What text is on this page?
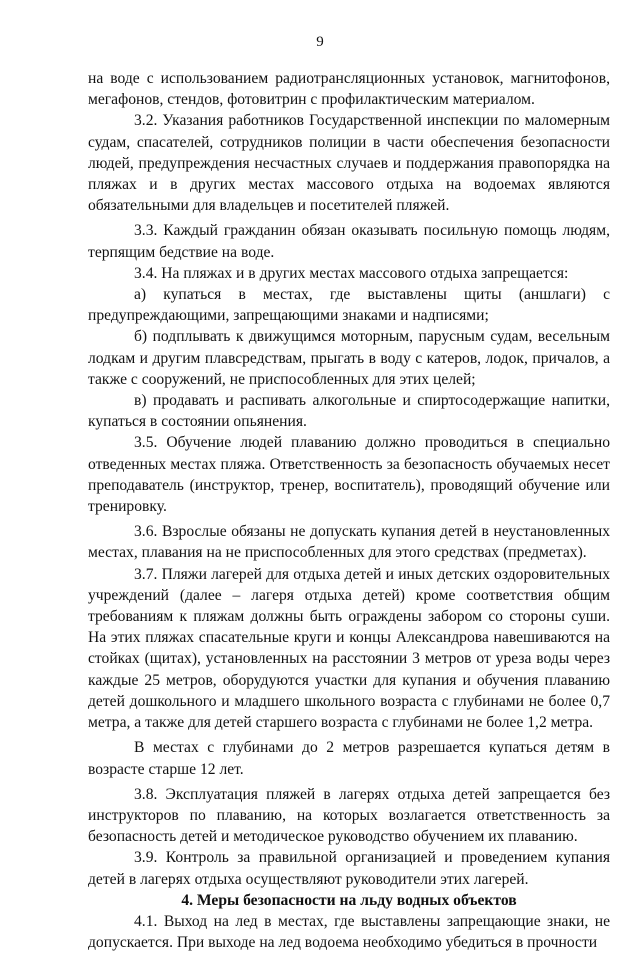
9

на воде с использованием радиотрансляционных установок, магнитофонов, мегафонов, стендов, фотовитрин с профилактическим материалом.

3.2. Указания работников Государственной инспекции по маломерным судам, спасателей, сотрудников полиции в части обеспечения безопасности людей, предупреждения несчастных случаев и поддержания правопорядка на пляжах и в других местах массового отдыха на водоемах являются обязательными для владельцев и посетителей пляжей.

3.3. Каждый гражданин обязан оказывать посильную помощь людям, терпящим бедствие на воде.

3.4. На пляжах и в других местах массового отдыха запрещается:

а) купаться в местах, где выставлены щиты (аншлаги) с предупреждающими, запрещающими знаками и надписями;

б) подплывать к движущимся моторным, парусным судам, весельным лодкам и другим плавсредствам, прыгать в воду с катеров, лодок, причалов, а также с сооружений, не приспособленных для этих целей;

в) продавать и распивать алкогольные и спиртосодержащие напитки, купаться в состоянии опьянения.

3.5. Обучение людей плаванию должно проводиться в специально отведенных местах пляжа. Ответственность за безопасность обучаемых несет преподаватель (инструктор, тренер, воспитатель), проводящий обучение или тренировку.

3.6. Взрослые обязаны не допускать купания детей в неустановленных местах, плавания на не приспособленных для этого средствах (предметах).

3.7. Пляжи лагерей для отдыха детей и иных детских оздоровительных учреждений (далее – лагеря отдыха детей) кроме соответствия общим требованиям к пляжам должны быть ограждены забором со стороны суши. На этих пляжах спасательные круги и концы Александрова навешиваются на стойках (щитах), установленных на расстоянии 3 метров от уреза воды через каждые 25 метров, оборудуются участки для купания и обучения плаванию детей дошкольного и младшего школьного возраста с глубинами не более 0,7 метра, а также для детей старшего возраста с глубинами не более 1,2 метра.

В местах с глубинами до 2 метров разрешается купаться детям в возрасте старше 12 лет.

3.8. Эксплуатация пляжей в лагерях отдыха детей запрещается без инструкторов по плаванию, на которых возлагается ответственность за безопасность детей и методическое руководство обучением их плаванию.

3.9. Контроль за правильной организацией и проведением купания детей в лагерях отдыха осуществляют руководители этих лагерей.

4. Меры безопасности на льду водных объектов

4.1. Выход на лед в местах, где выставлены запрещающие знаки, не допускается. При выходе на лед водоема необходимо убедиться в прочности
